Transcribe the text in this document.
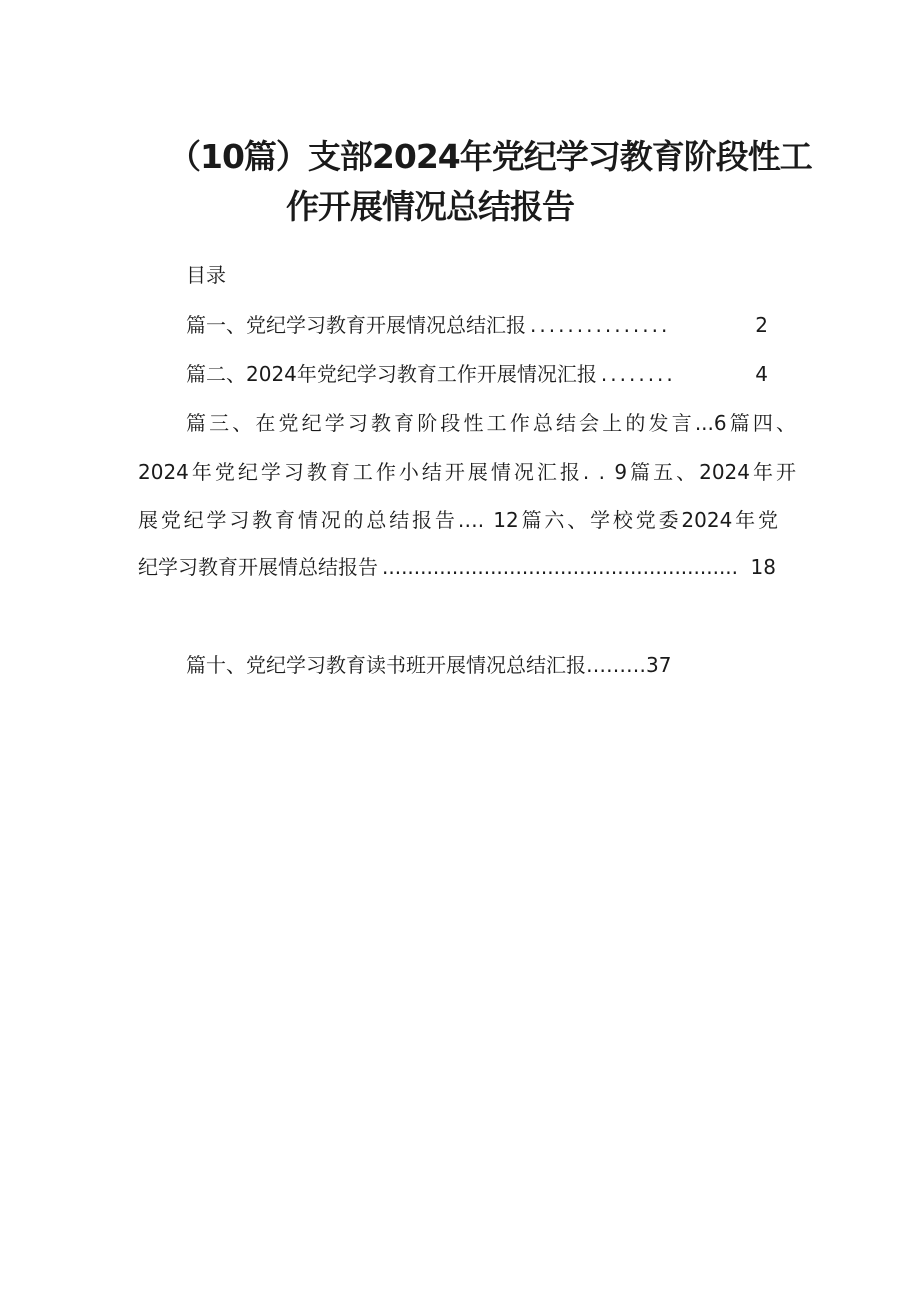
（10篇）支部2024年党纪学习教育阶段性工
作开展情况总结报告
目录
篇一、党纪学习教育开展情况总结汇报 ...............	2
篇二、2024年党纪学习教育工作开展情况汇报 ........	4
篇三、在党纪学习教育阶段性工作总结会上的发言...6篇四、
2024年党纪学习教育工作小结开展情况汇报. . 9篇五、2024年开
展党纪学习教育情况的总结报告…. 12篇六、学校党委2024年党
纪学习教育开展情总结报告 ........................................................ 18
篇十、党纪学习教育读书班开展情况总结汇报………37
